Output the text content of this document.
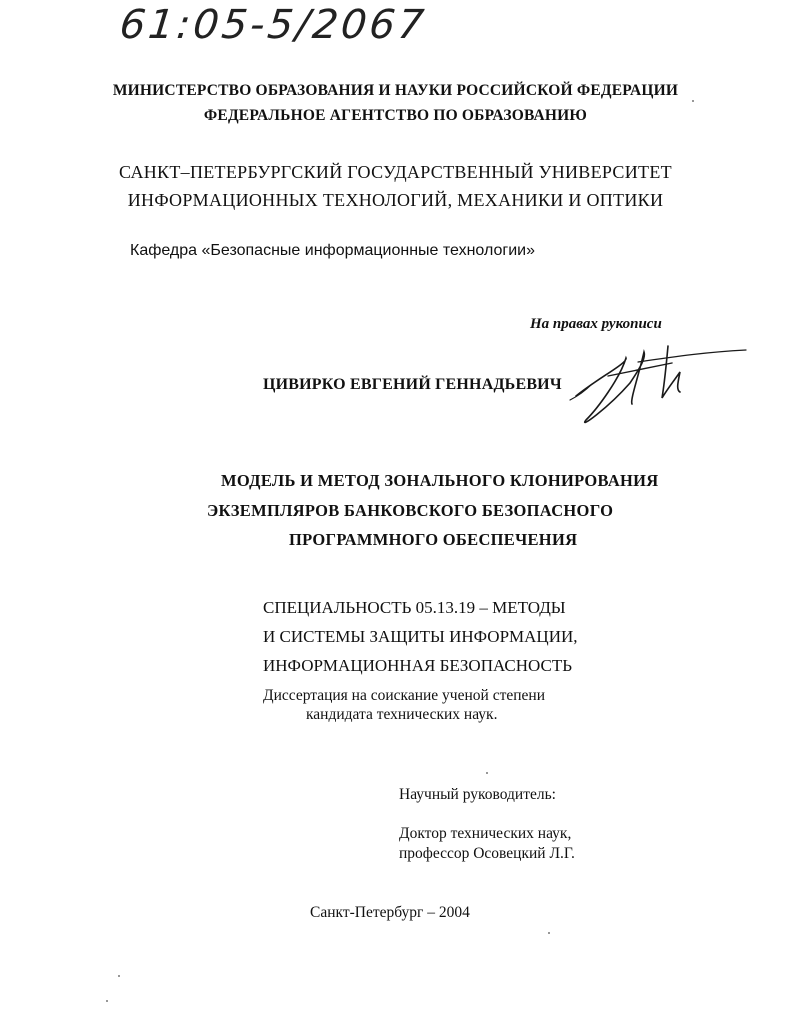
61:05-5/2067

МИНИСТЕРСТВО ОБРАЗОВАНИЯ И НАУКИ РОССИЙСКОЙ ФЕДЕРАЦИИ

ФЕДЕРАЛЬНОЕ АГЕНТСТВО ПО ОБРАЗОВАНИЮ

САНКТ–ПЕТЕРБУРГСКИЙ ГОСУДАРСТВЕННЫЙ УНИВЕРСИТЕТ

ИНФОРМАЦИОННЫХ ТЕХНОЛОГИЙ, МЕХАНИКИ И ОПТИКИ

Кафедра «Безопасные информационные технологии»

На правах рукописи

ЦИВИРКО ЕВГЕНИЙ ГЕННАДЬЕВИЧ

МОДЕЛЬ И МЕТОД ЗОНАЛЬНОГО КЛОНИРОВАНИЯ

ЭКЗЕМПЛЯРОВ БАНКОВСКОГО БЕЗОПАСНОГО

ПРОГРАММНОГО ОБЕСПЕЧЕНИЯ

СПЕЦИАЛЬНОСТЬ 05.13.19 – МЕТОДЫ

И СИСТЕМЫ ЗАЩИТЫ ИНФОРМАЦИИ,

ИНФОРМАЦИОННАЯ БЕЗОПАСНОСТЬ

Диссертация на соискание ученой степени

кандидата технических наук.

Научный руководитель:

Доктор технических наук,

профессор Осовецкий Л.Г.

Санкт-Петербург – 2004
